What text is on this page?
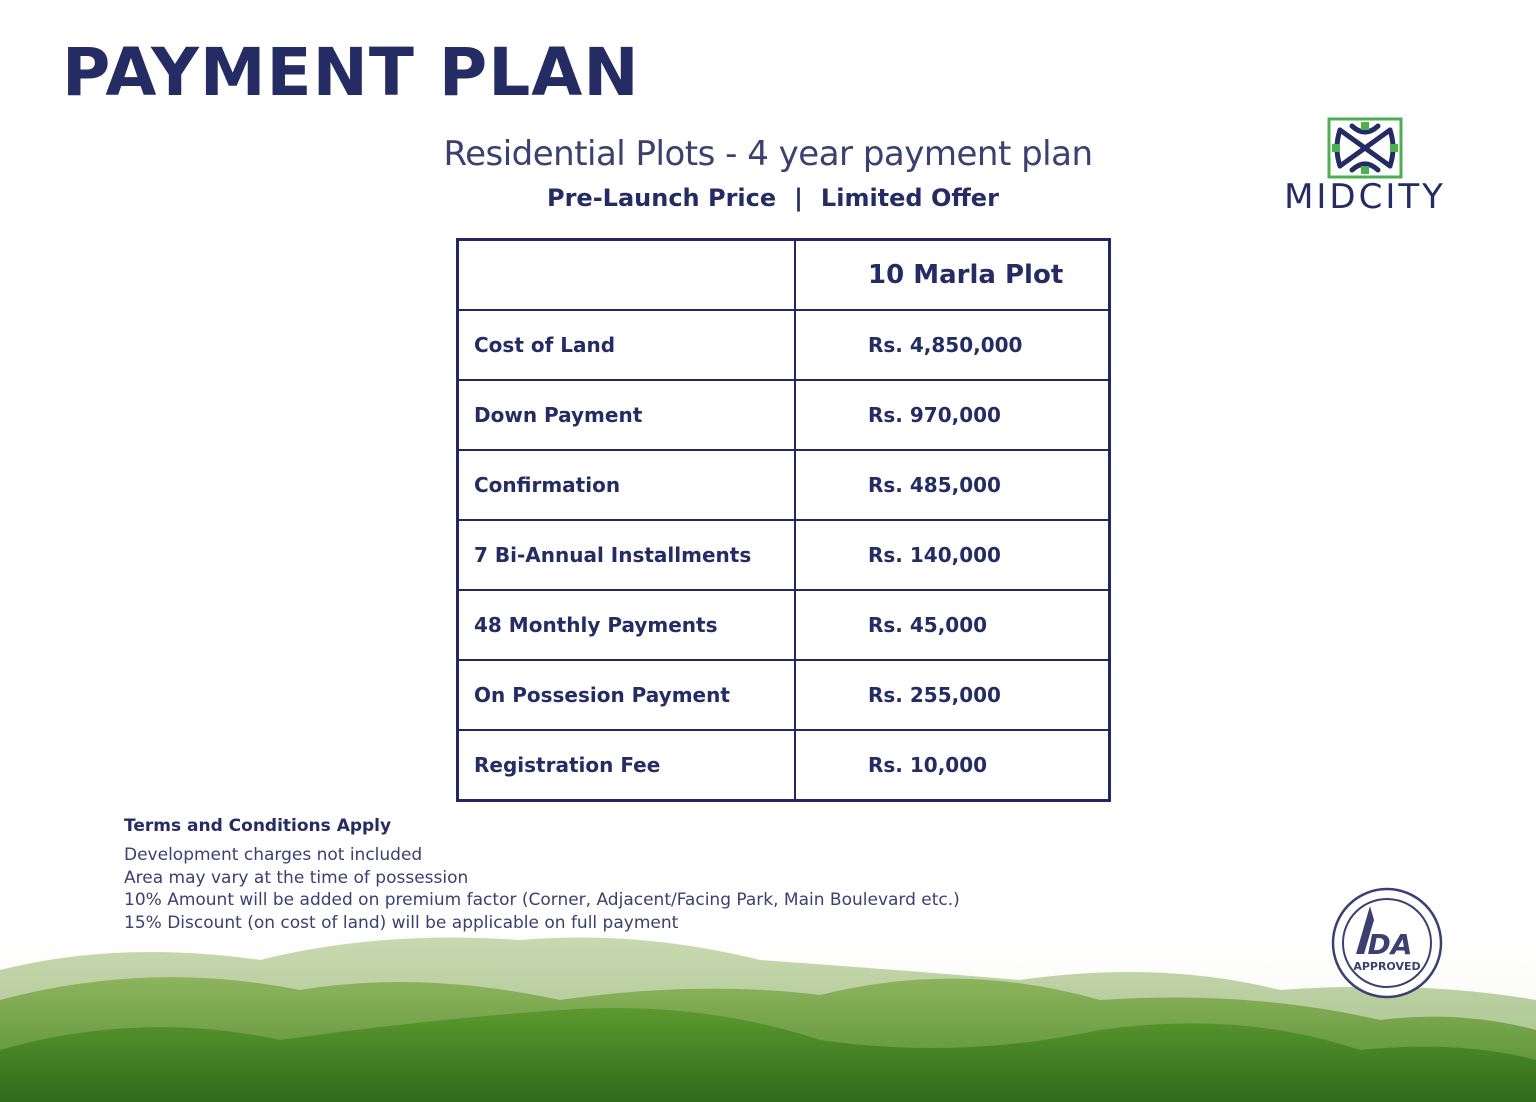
PAYMENT PLAN
Residential Plots - 4 year payment plan
Pre-Launch Price | Limited Offer	MIDCITY
	10 Marla Plot
Cost of Land	Rs. 4,850,000
Down Payment	Rs. 970,000
Confirmation	Rs. 485,000
7 Bi-Annual Installments	Rs. 140,000
48 Monthly Payments	Rs. 45,000
On Possesion Payment	Rs. 255,000
Registration Fee	Rs. 10,000
Terms and Conditions Apply
Development charges not included
Area may vary at the time of possession
10% Amount will be added on premium factor (Corner, Adjacent/Facing Park, Main Boulevard etc.)
15% Discount (on cost of land) will be applicable on full payment
DA
APPROVED
